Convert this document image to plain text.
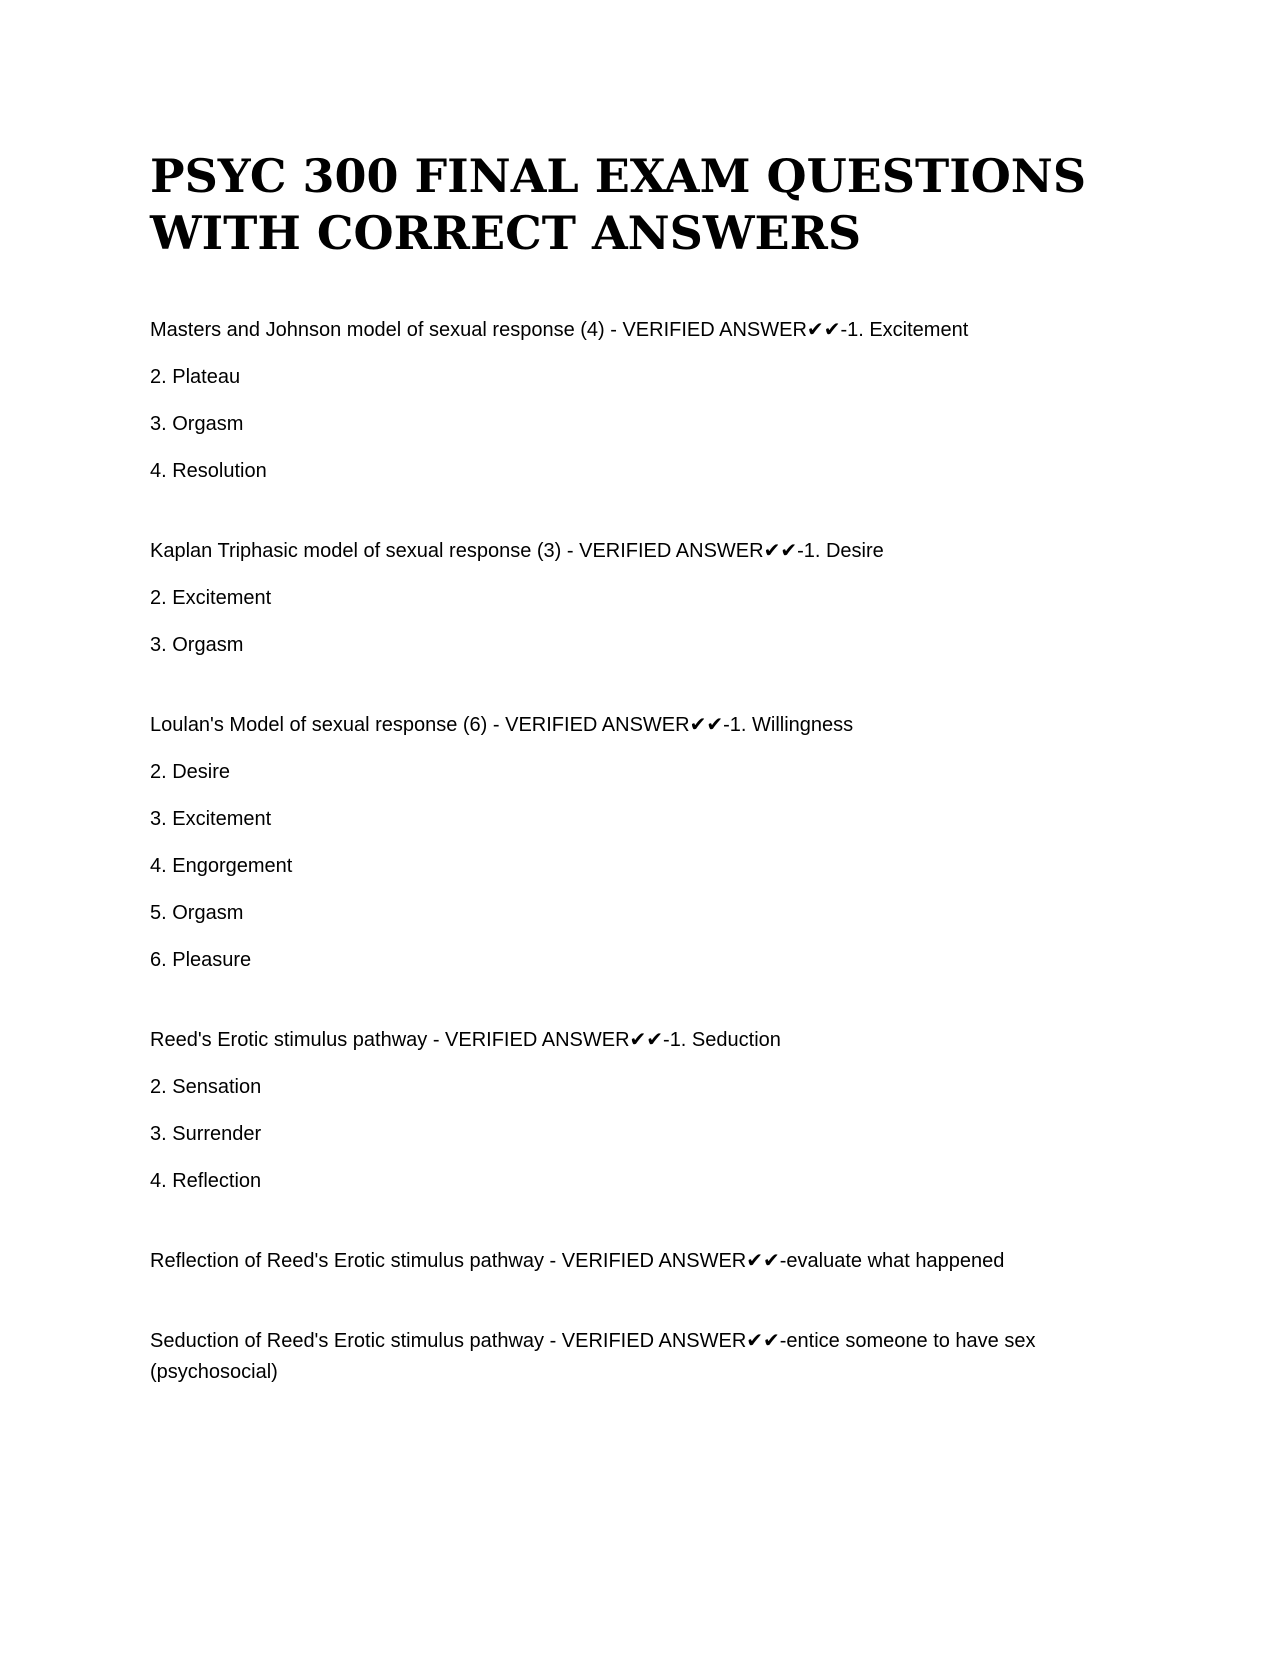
PSYC 300 FINAL EXAM QUESTIONS
WITH CORRECT ANSWERS

Masters and Johnson model of sexual response (4) - VERIFIED ANSWER✔✔-1. Excitement

2. Plateau

3. Orgasm

4. Resolution

Kaplan Triphasic model of sexual response (3) - VERIFIED ANSWER✔✔-1. Desire

2. Excitement

3. Orgasm

Loulan's Model of sexual response (6) - VERIFIED ANSWER✔✔-1. Willingness

2. Desire

3. Excitement

4. Engorgement

5. Orgasm

6. Pleasure

Reed's Erotic stimulus pathway - VERIFIED ANSWER✔✔-1. Seduction

2. Sensation

3. Surrender

4. Reflection

Reflection of Reed's Erotic stimulus pathway - VERIFIED ANSWER✔✔-evaluate what happened

Seduction of Reed's Erotic stimulus pathway - VERIFIED ANSWER✔✔-entice someone to have sex (psychosocial)
